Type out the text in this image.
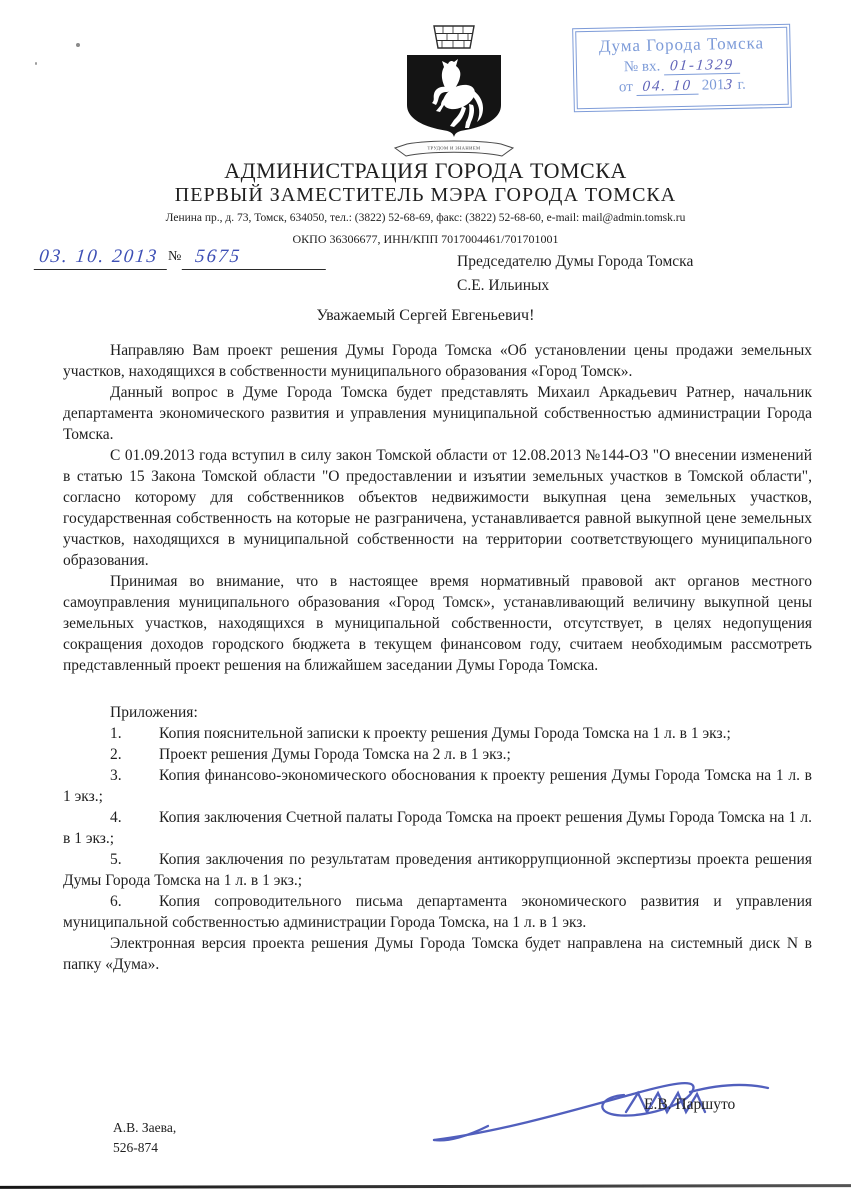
ТРУДОМ И ЗНАНИЕМ
Дума Города Томска
№ вх. 01-1329
от 04. 10 2013 г.
АДМИНИСТРАЦИЯ ГОРОДА ТОМСКА
ПЕРВЫЙ ЗАМЕСТИТЕЛЬ МЭРА ГОРОДА ТОМСКА
Ленина пр., д. 73, Томск, 634050, тел.: (3822) 52-68-69, факс: (3822) 52-68-60, e-mail: mail@admin.tomsk.ru
ОКПО 36306677, ИНН/КПП 7017004461/701701001
03. 10. 2013 № 5675	Председателю Думы Города Томска
С.Е. Ильиных
Уважаемый Сергей Евгеньевич!

Направляю Вам проект решения Думы Города Томска «Об установлении цены продажи земельных участков, находящихся в собственности муниципального образования «Город Томск».

Данный вопрос в Думе Города Томска будет представлять Михаил Аркадьевич Ратнер, начальник департамента экономического развития и управления муниципальной собственностью администрации Города Томска.

С 01.09.2013 года вступил в силу закон Томской области от 12.08.2013 №144-ОЗ "О внесении изменений в статью 15 Закона Томской области "О предоставлении и изъятии земельных участков в Томской области", согласно которому для собственников объектов недвижимости выкупная цена земельных участков, государственная собственность на которые не разграничена, устанавливается равной выкупной цене земельных участков, находящихся в муниципальной собственности на территории соответствующего муниципального образования.

Принимая во внимание, что в настоящее время нормативный правовой акт органов местного самоуправления муниципального образования «Город Томск», устанавливающий величину выкупной цены земельных участков, находящихся в муниципальной собственности, отсутствует, в целях недопущения сокращения доходов городского бюджета в текущем финансовом году, считаем необходимым рассмотреть представленный проект решения на ближайшем заседании Думы Города Томска.

Приложения:

1. Копия пояснительной записки к проекту решения Думы Города Томска на 1 л. в 1 экз.;

2. Проект решения Думы Города Томска на 2 л. в 1 экз.;

3. Копия финансово-экономического обоснования к проекту решения Думы Города Томска на 1 л. в 1 экз.;

4. Копия заключения Счетной палаты Города Томска на проект решения Думы Города Томска на 1 л. в 1 экз.;

5. Копия заключения по результатам проведения антикоррупционной экспертизы проекта решения Думы Города Томска на 1 л. в 1 экз.;

6. Копия сопроводительного письма департамента экономического развития и управления муниципальной собственностью администрации Города Томска, на 1 л. в 1 экз.

Электронная версия проекта решения Думы Города Томска будет направлена на системный диск N в папку «Дума».

Е.В. Паршуто
А.В. Заева,
526-874
